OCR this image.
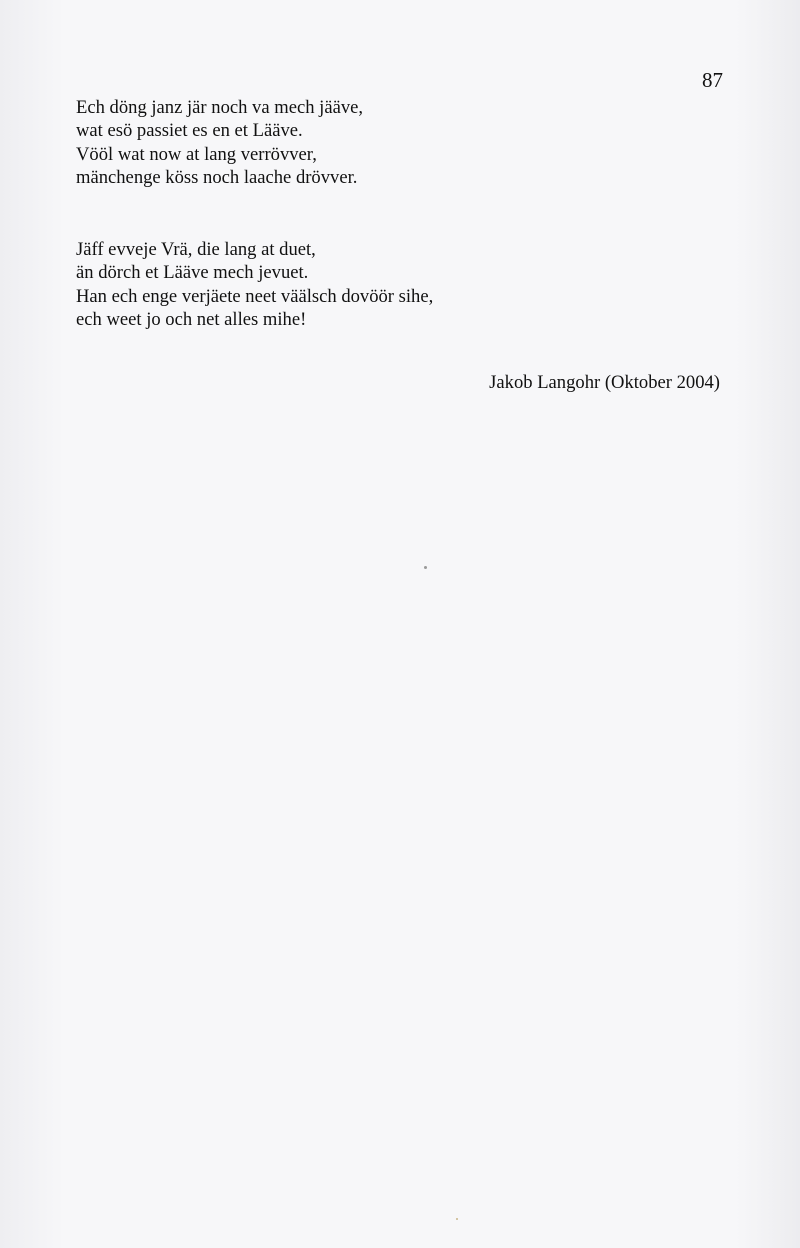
87
Ech döng janz jär noch va mech jääve,
wat esö passiet es en et Lääve.
Vööl wat now at lang verrövver,
mänchenge köss noch laache drövver.
Jäff evveje Vrä, die lang at duet,
än dörch et Lääve mech jevuet.
Han ech enge verjäete neet väälsch dovöör sihe,
ech weet jo och net alles mihe!
Jakob Langohr (Oktober 2004)
